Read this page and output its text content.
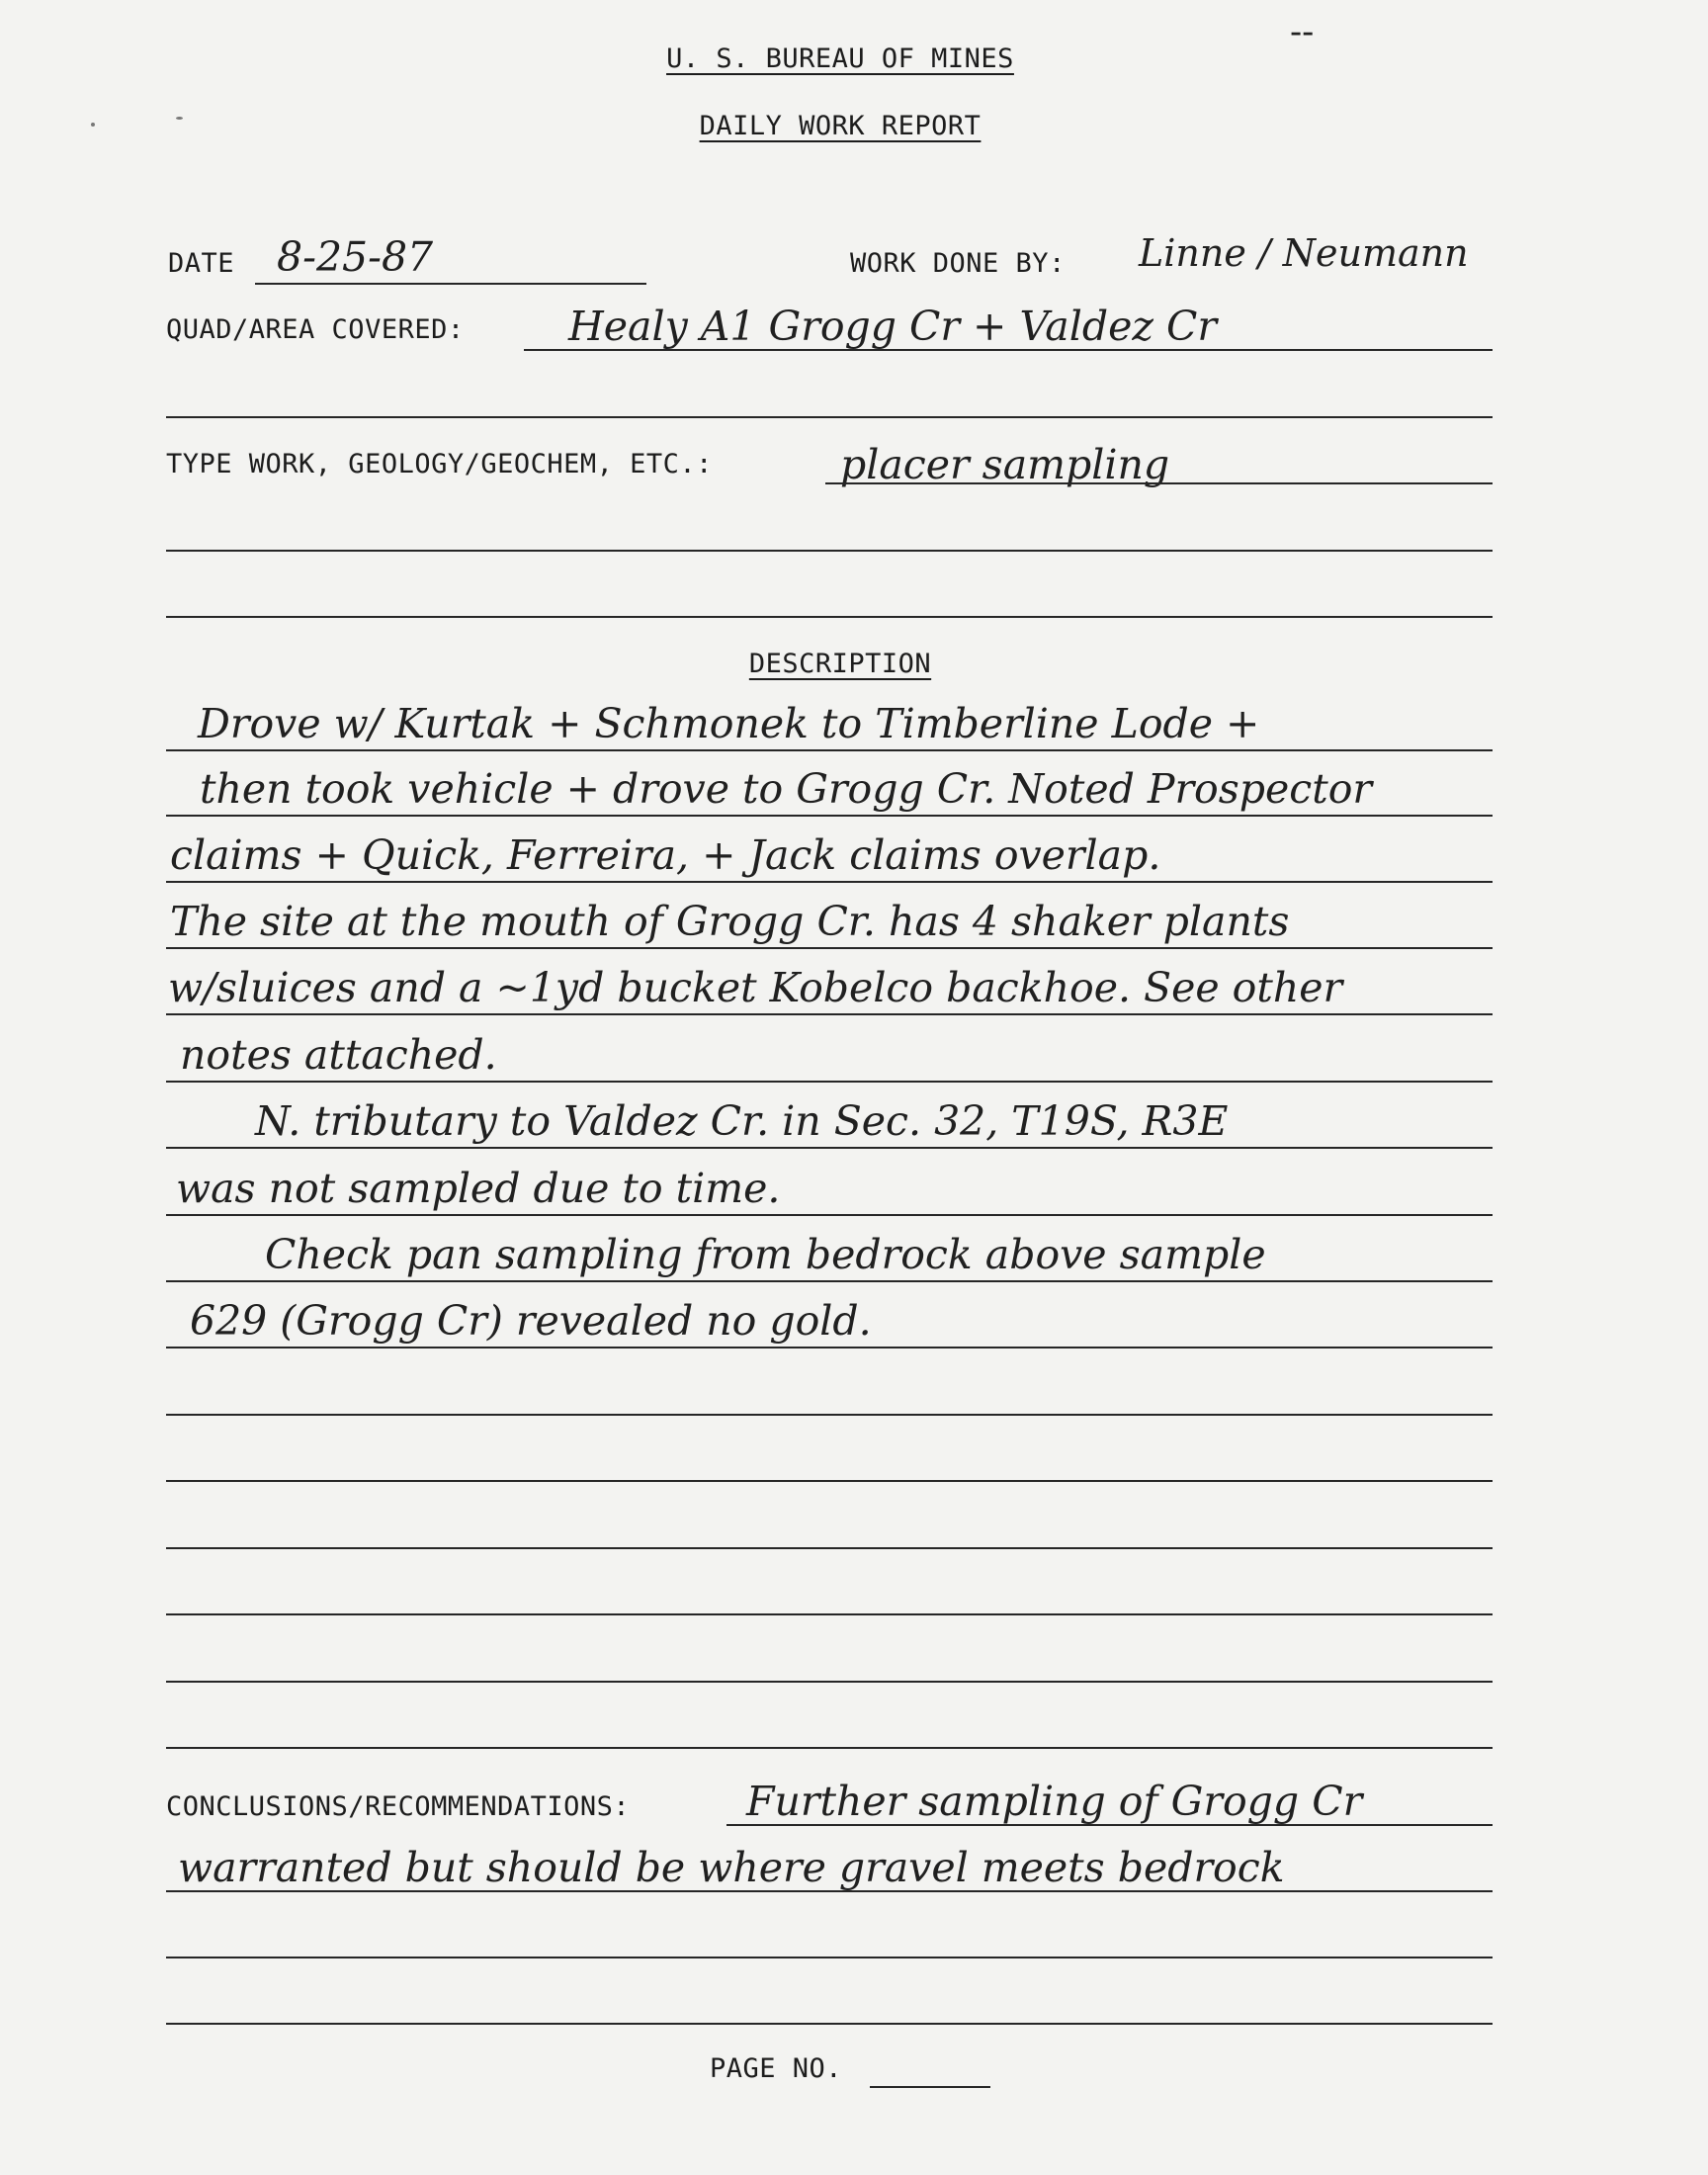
--
U. S. BUREAU OF MINES
DAILY WORK REPORT
DATE 8-25-87	WORK DONE BY: Linne / Neumann
QUAD/AREA COVERED:	Healy A1 Grogg Cr + Valdez Cr
TYPE WORK, GEOLOGY/GEOCHEM, ETC.:	placer sampling
DESCRIPTION
Drove w/ Kurtak + Schmonek to Timberline Lode +
then took vehicle + drove to Grogg Cr. Noted Prospector
claims + Quick, Ferreira, + Jack claims overlap.
The site at the mouth of Grogg Cr. has 4 shaker plants
w/sluices and a ~1yd bucket Kobelco backhoe. See other
notes attached.
N. tributary to Valdez Cr. in Sec. 32, T19S, R3E
was not sampled due to time.
Check pan sampling from bedrock above sample
629 (Grogg Cr) revealed no gold.
CONCLUSIONS/RECOMMENDATIONS:	Further sampling of Grogg Cr
warranted but should be where gravel meets bedrock
PAGE NO.
